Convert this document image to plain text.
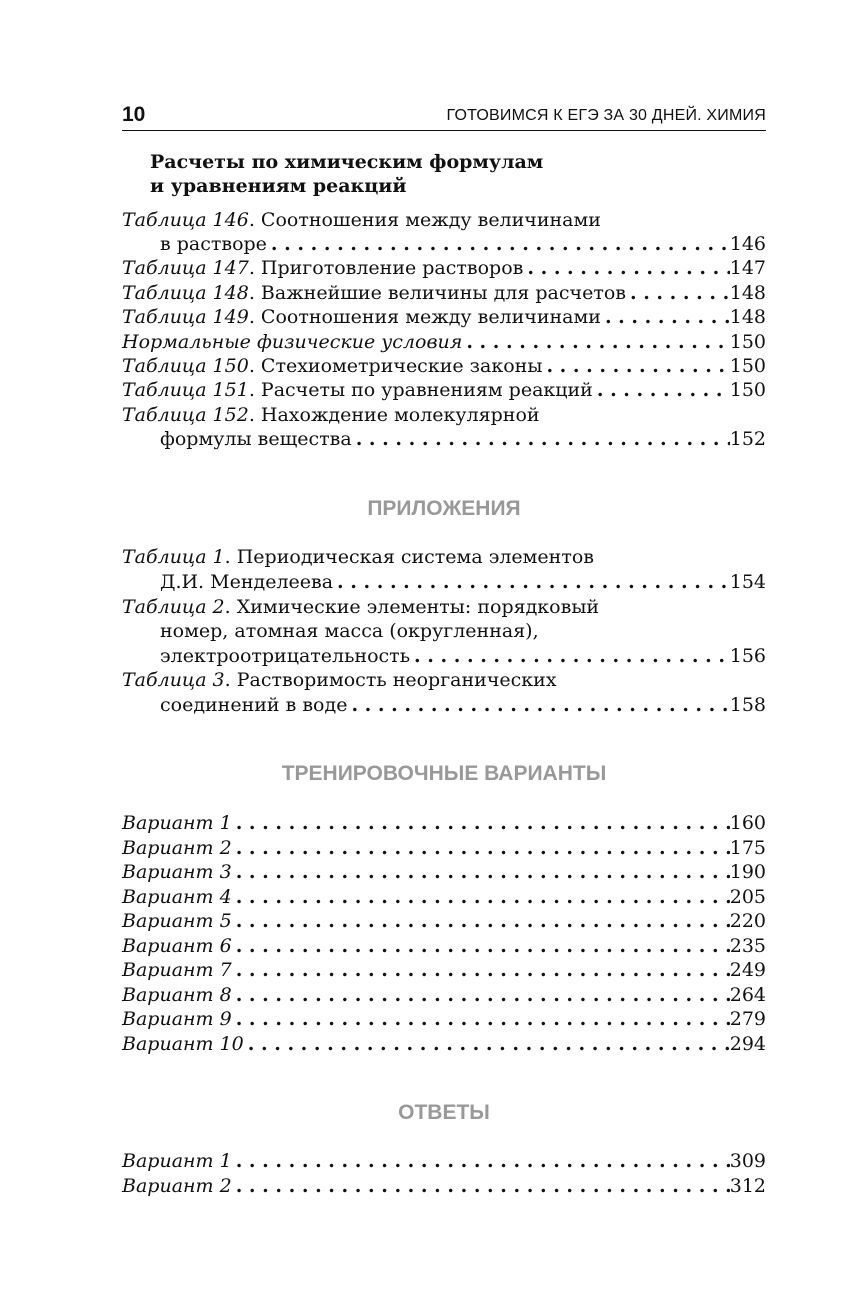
10	ГОТОВИМСЯ К ЕГЭ ЗА 30 ДНЕЙ. ХИМИЯ
Расчеты по химическим формулам
и уравнениям реакций
Таблица 146. Соотношения между величинами
в растворе . . .	146
Таблица 147. Приготовление растворов . . .	147
Таблица 148. Важнейшие величины для расчетов . . .	148
Таблица 149. Соотношения между величинами . . .	148
Нормальные физические условия . . .	150
Таблица 150. Стехиометрические законы . . .	150
Таблица 151. Расчеты по уравнениям реакций . . .	150
Таблица 152. Нахождение молекулярной
формулы вещества . . .	152
ПРИЛОЖЕНИЯ
Таблица 1. Периодическая система элементов
Д.И. Менделеева . . .	154
Таблица 2. Химические элементы: порядковый
номер, атомная масса (округленная),
электроотрицательность . . .	156
Таблица 3. Растворимость неорганических
соединений в воде . . .	158
ТРЕНИРОВОЧНЫЕ ВАРИАНТЫ
Вариант 1 . . .	160
Вариант 2 . . .	175
Вариант 3 . . .	190
Вариант 4 . . .	205
Вариант 5 . . .	220
Вариант 6 . . .	235
Вариант 7 . . .	249
Вариант 8 . . .	264
Вариант 9 . . .	279
Вариант 10 . . .	294
ОТВЕТЫ
Вариант 1 . . .	309
Вариант 2 . . .	312
